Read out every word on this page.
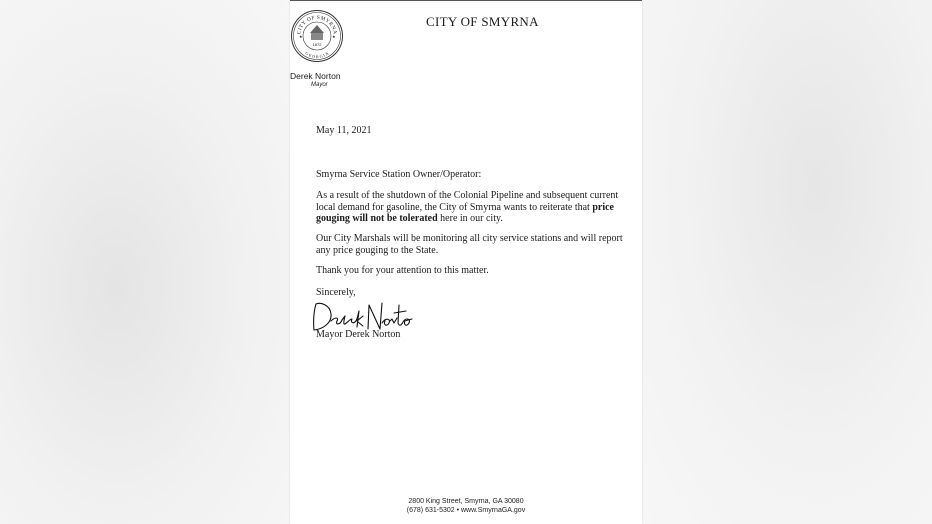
CITY OF SMYRNA
GEORGIA
1872
★	★
CITY OF SMYRNA
Derek Norton
Mayor
May 11, 2021
Smyrna Service Station Owner/Operator:
As a result of the shutdown of the Colonial Pipeline and subsequent current local demand for gasoline, the City of Smyrna wants to reiterate that price gouging will not be tolerated here in our city.
Our City Marshals will be monitoring all city service stations and will report any price gouging to the State.
Thank you for your attention to this matter.
Sincerely,
Mayor Derek Norton
2800 King Street, Smyrna, GA 30080
(678) 631-5302 • www.SmyrnaGA.gov
